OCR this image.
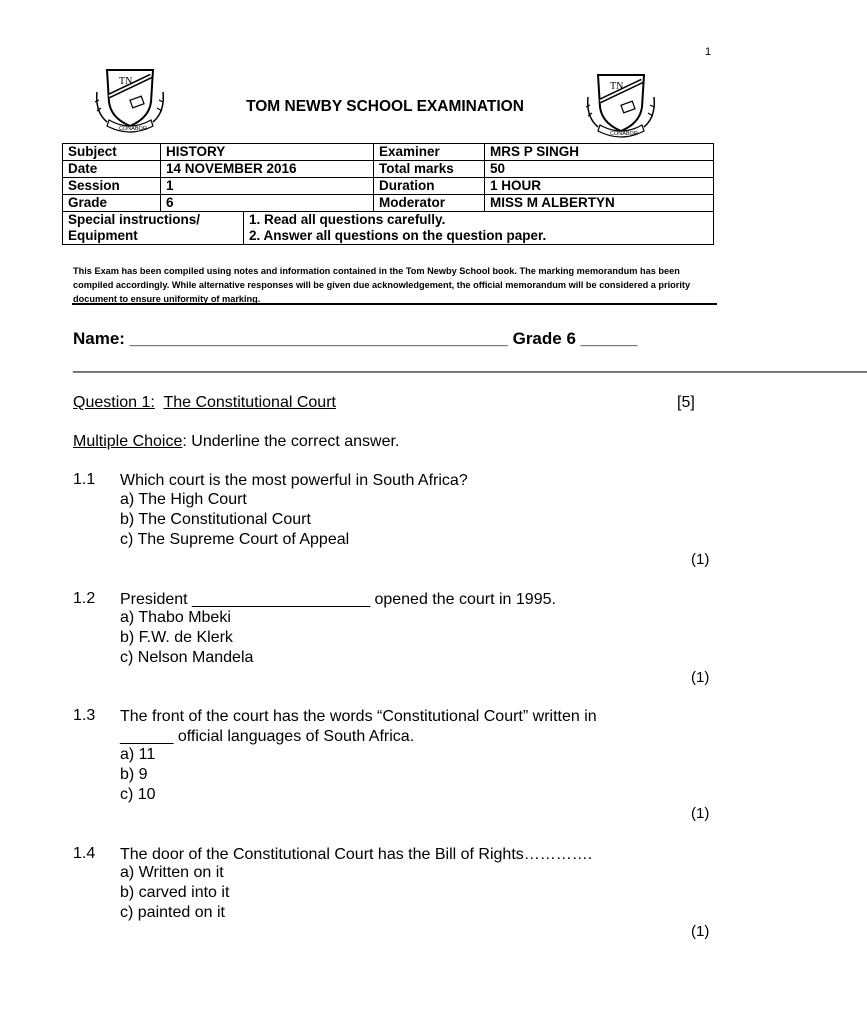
1
TN
CONABOR
TN
CONABOR
TOM NEWBY SCHOOL EXAMINATION
Subject	HISTORY		Examiner	MRS P SINGH
Date	14 NOVEMBER 2016		Total marks	50
Session	1		Duration	1 HOUR
Grade	6		Moderator	MISS M ALBERTYN
Special instructions/		1. Read all questions carefully.		
Equipment		2. Answer all questions on the question paper.		
This Exam has been compiled using notes and information contained in the Tom Newby School book. The marking memorandum has been compiled accordingly. While alternative responses will be given due acknowledgement, the official memorandum will be considered a priority document to ensure uniformity of marking.
Name: ________________________________________ Grade 6 ______
____________________________________________________________________________________
Question 1: The Constitutional Court	[5]
Multiple Choice: Underline the correct answer.
1.1 Which court is the most powerful in South Africa?
a) The High Court
b) The Constitutional Court
c) The Supreme Court of Appeal
(1)
1.2 President ____________________ opened the court in 1995.
a) Thabo Mbeki
b) F.W. de Klerk
c) Nelson Mandela
(1)
1.3 The front of the court has the words “Constitutional Court” written in
______ official languages of South Africa.
a) 11
b) 9
c) 10
(1)
1.4 The door of the Constitutional Court has the Bill of Rights………….
a) Written on it
b) carved into it
c) painted on it
(1)
